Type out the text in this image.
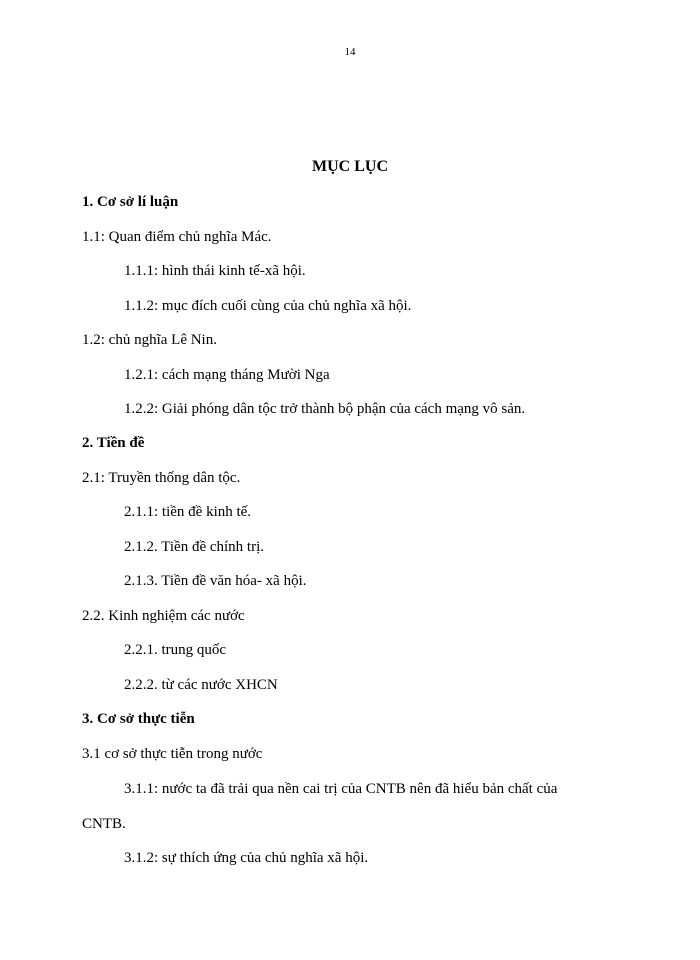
14
MỤC LỤC

1. Cơ sở lí luận

1.1: Quan điểm chủ nghĩa Mác.

1.1.1: hình thái kinh tế-xã hội.

1.1.2: mục đích cuối cùng của chủ nghĩa xã hội.

1.2: chủ nghĩa Lê Nin.

1.2.1: cách mạng tháng Mười Nga

1.2.2: Giải phóng dân tộc trở thành bộ phận của cách mạng vô sản.

2. Tiền đề

2.1: Truyền thống dân tộc.

2.1.1: tiền đề kinh tế.

2.1.2. Tiền đề chính trị.

2.1.3. Tiền đề văn hóa- xã hội.

2.2. Kinh nghiệm các nước

2.2.1. trung quốc

2.2.2. từ các nước XHCN

3. Cơ sở thực tiễn

3.1 cơ sở thực tiễn trong nước

3.1.1: nước ta đã trải qua nền cai trị của CNTB nên đã hiểu bản chất của

CNTB.

3.1.2: sự thích ứng của chủ nghĩa xã hội.
